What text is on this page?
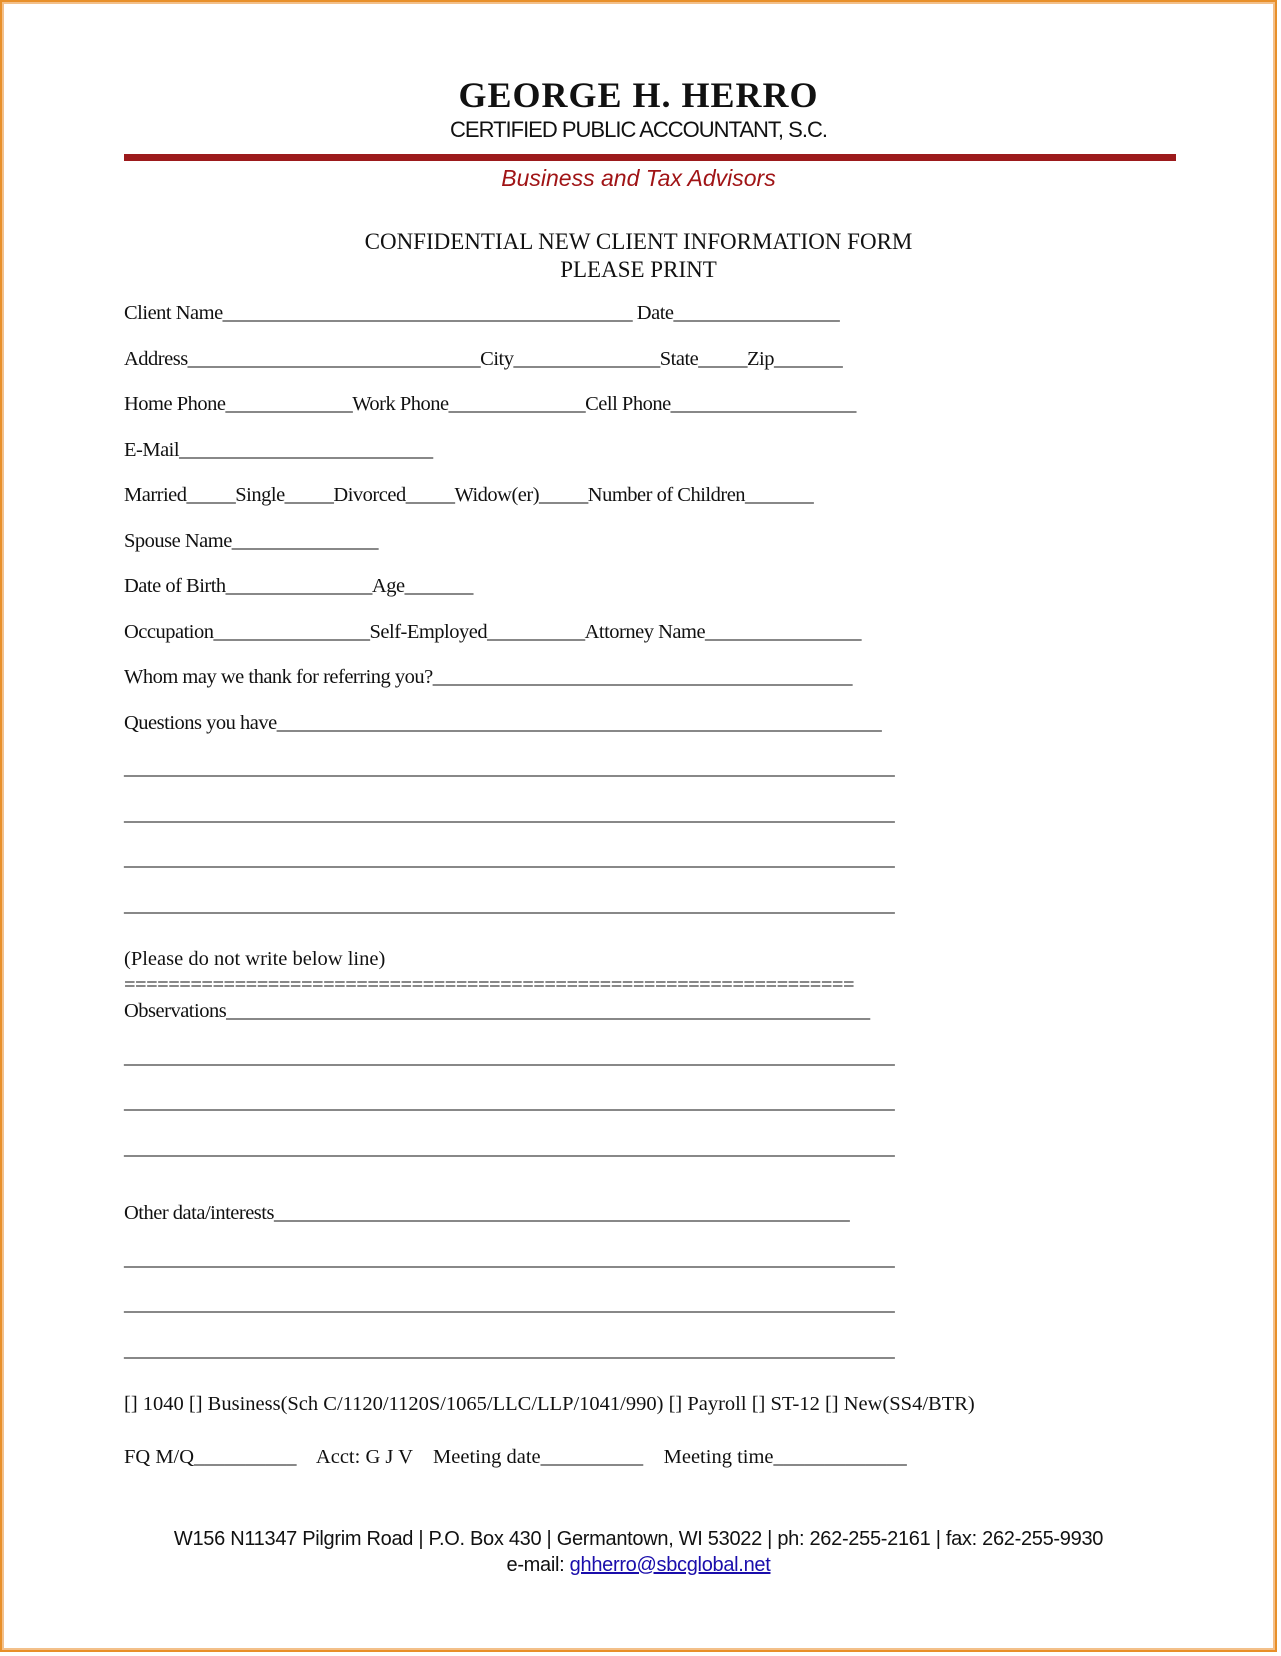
GEORGE H. HERRO
CERTIFIED PUBLIC ACCOUNTANT, S.C.
Business and Tax Advisors
CONFIDENTIAL NEW CLIENT INFORMATION FORM
PLEASE PRINT
Client Name__________________________________________ Date_________________
Address______________________________City_______________State_____Zip_______
Home Phone_____________Work Phone______________Cell Phone___________________
E-Mail__________________________
Married_____Single_____Divorced_____Widow(er)_____Number of Children_______
Spouse Name_______________
Date of Birth_______________Age_______
Occupation________________Self-Employed__________Attorney Name________________
Whom may we thank for referring you?___________________________________________
Questions you have______________________________________________________________
_______________________________________________________________________________
_______________________________________________________________________________
_______________________________________________________________________________
_______________________________________________________________________________
(Please do not write below line)
==================================================================
Observations__________________________________________________________________
_______________________________________________________________________________
_______________________________________________________________________________
_______________________________________________________________________________
Other data/interests___________________________________________________________
_______________________________________________________________________________
_______________________________________________________________________________
_______________________________________________________________________________
[] 1040 [] Business(Sch C/1120/1120S/1065/LLC/LLP/1041/990) [] Payroll [] ST-12 [] New(SS4/BTR)
FQ M/Q__________    Acct: G J V    Meeting date__________    Meeting time_____________
W156 N11347 Pilgrim Road | P.O. Box 430 | Germantown, WI 53022 | ph: 262-255-2161 | fax: 262-255-9930
e-mail: ghherro@sbcglobal.net
